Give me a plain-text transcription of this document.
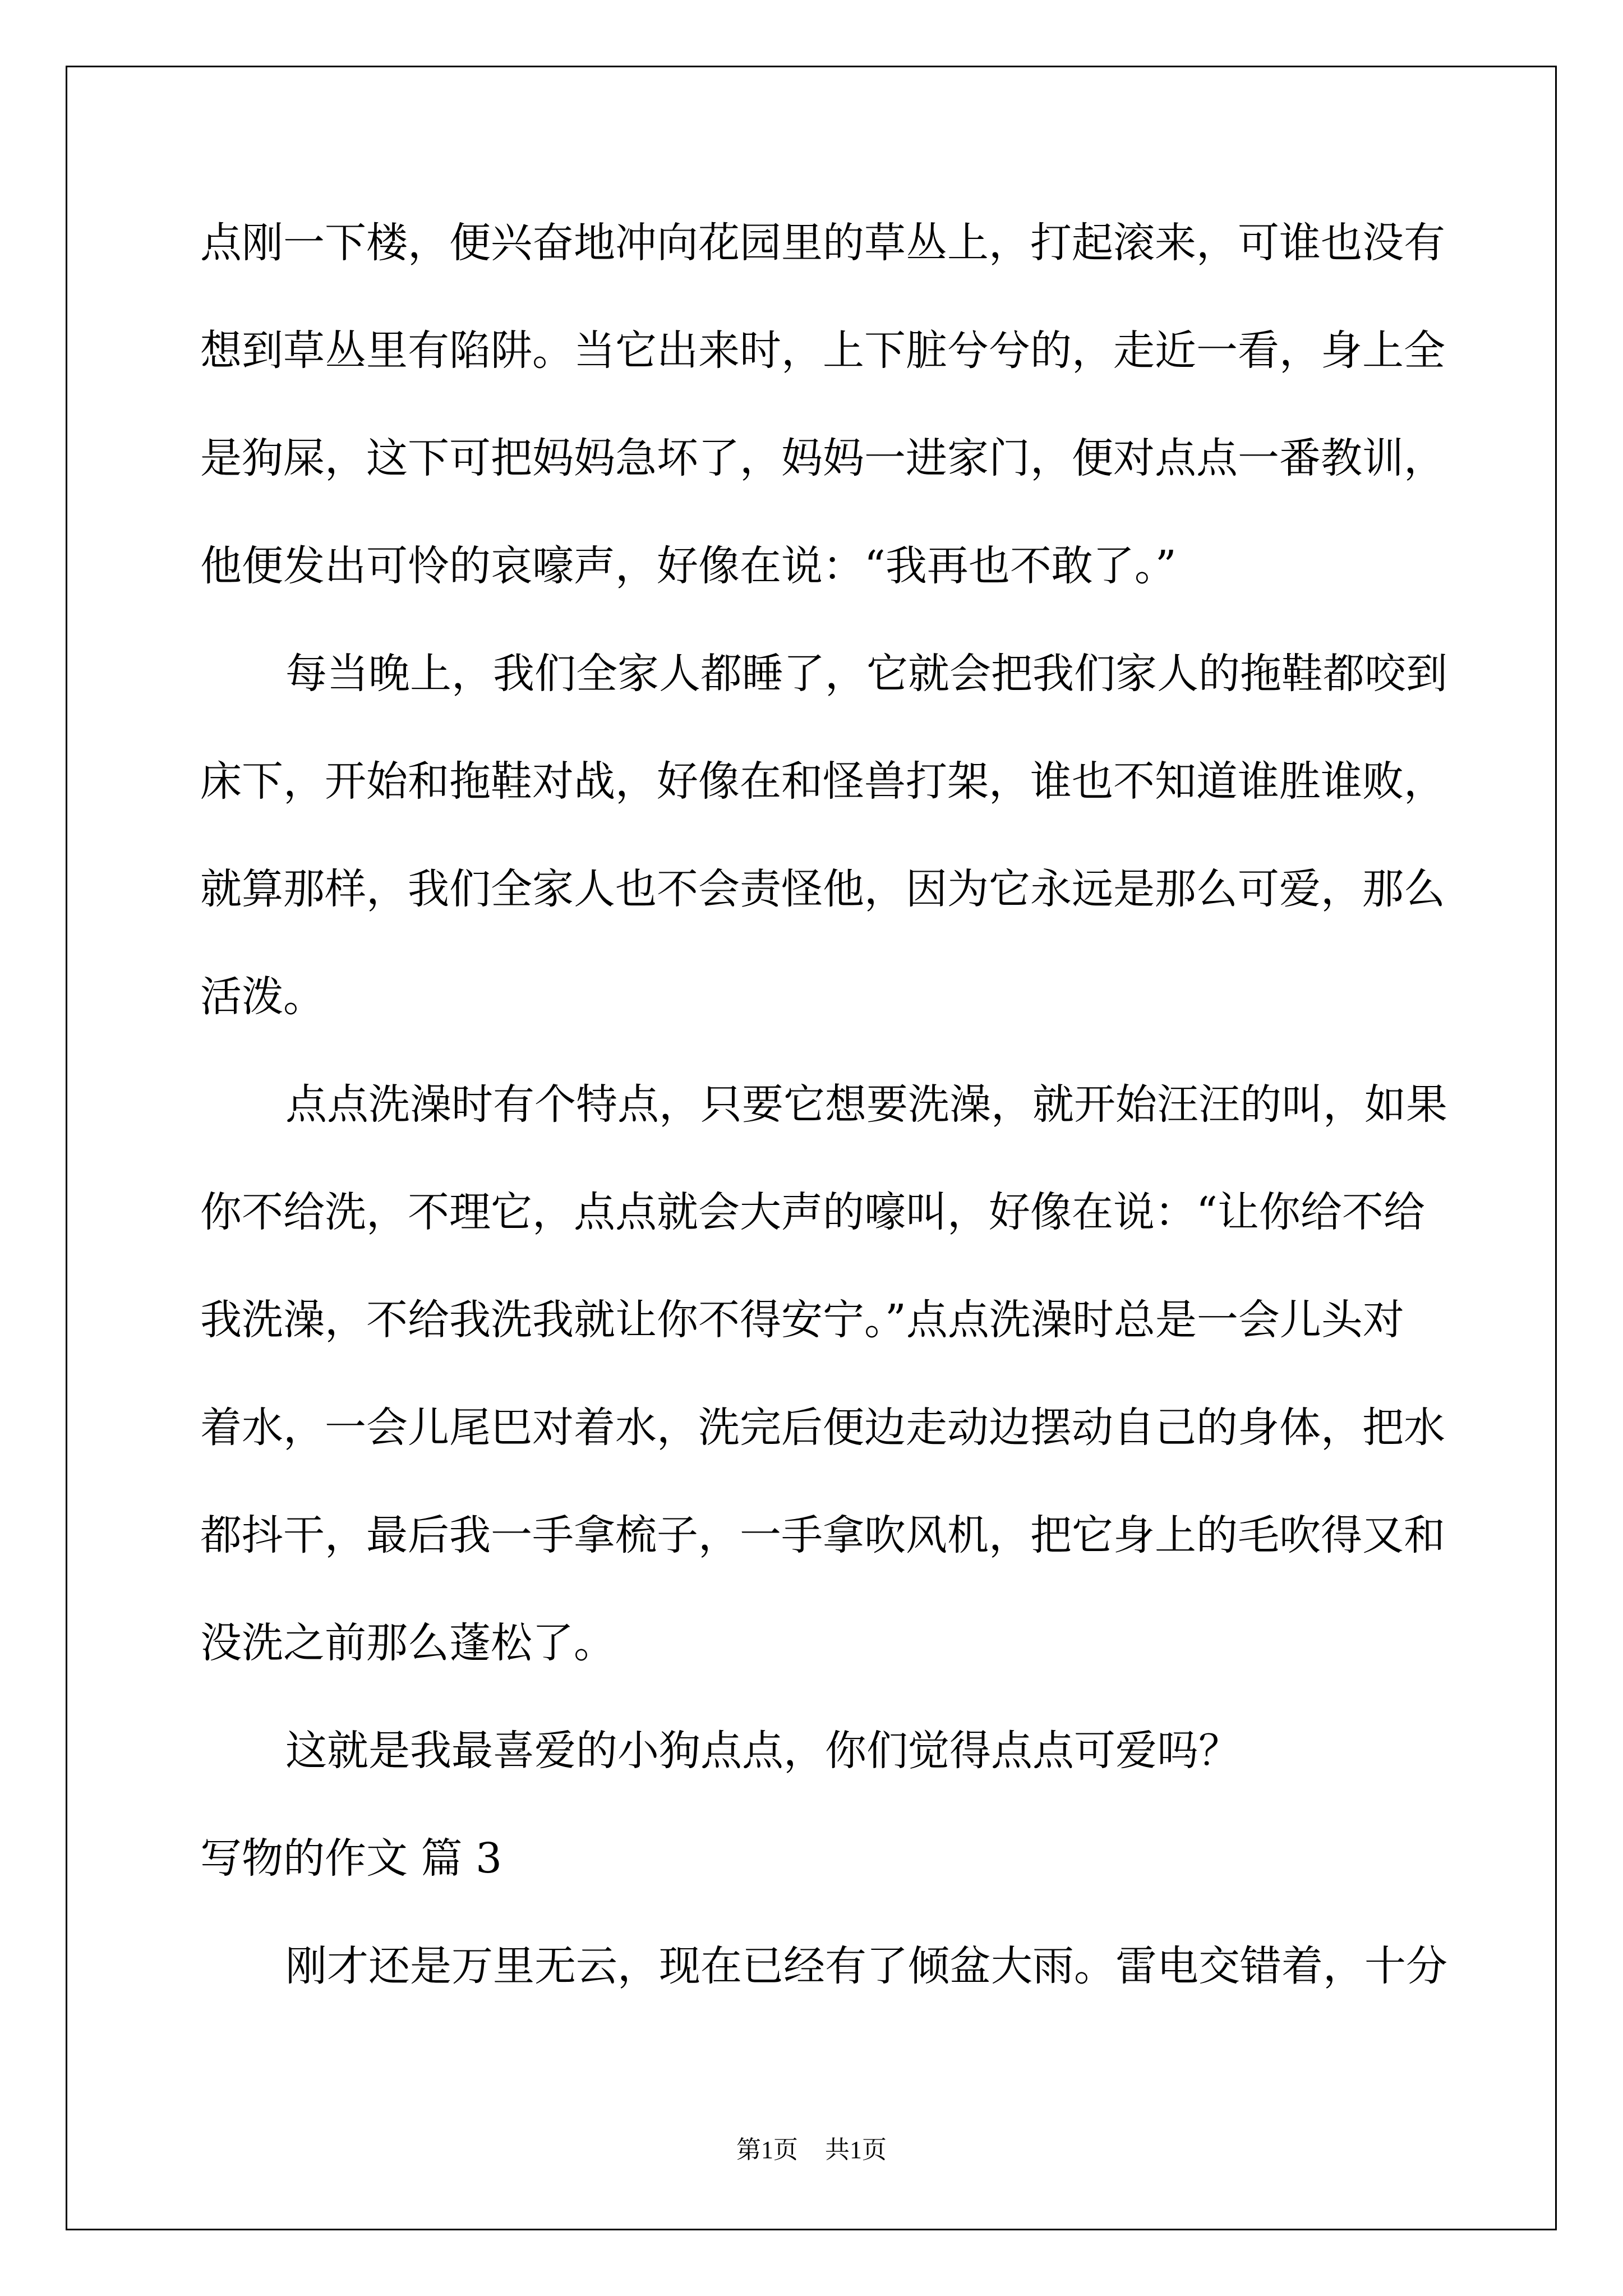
点刚一下楼，便兴奋地冲向花园里的草丛上，打起滚来，可谁也没有
想到草丛里有陷阱。当它出来时，上下脏兮兮的，走近一看，身上全
是狗屎，这下可把妈妈急坏了，妈妈一进家门，便对点点一番教训，
他便发出可怜的哀嚎声，好像在说：“我再也不敢了。”
每当晚上，我们全家人都睡了，它就会把我们家人的拖鞋都咬到
床下，开始和拖鞋对战，好像在和怪兽打架，谁也不知道谁胜谁败，
就算那样，我们全家人也不会责怪他，因为它永远是那么可爱，那么
活泼。
点点洗澡时有个特点，只要它想要洗澡，就开始汪汪的叫，如果
你不给洗，不理它，点点就会大声的嚎叫，好像在说：“让你给不给
我洗澡，不给我洗我就让你不得安宁。”点点洗澡时总是一会儿头对
着水，一会儿尾巴对着水，洗完后便边走动边摆动自己的身体，把水
都抖干，最后我一手拿梳子，一手拿吹风机，把它身上的毛吹得又和
没洗之前那么蓬松了。
这就是我最喜爱的小狗点点，你们觉得点点可爱吗？
写物的作文 篇 3
刚才还是万里无云，现在已经有了倾盆大雨。雷电交错着，十分
第1页 共1页
